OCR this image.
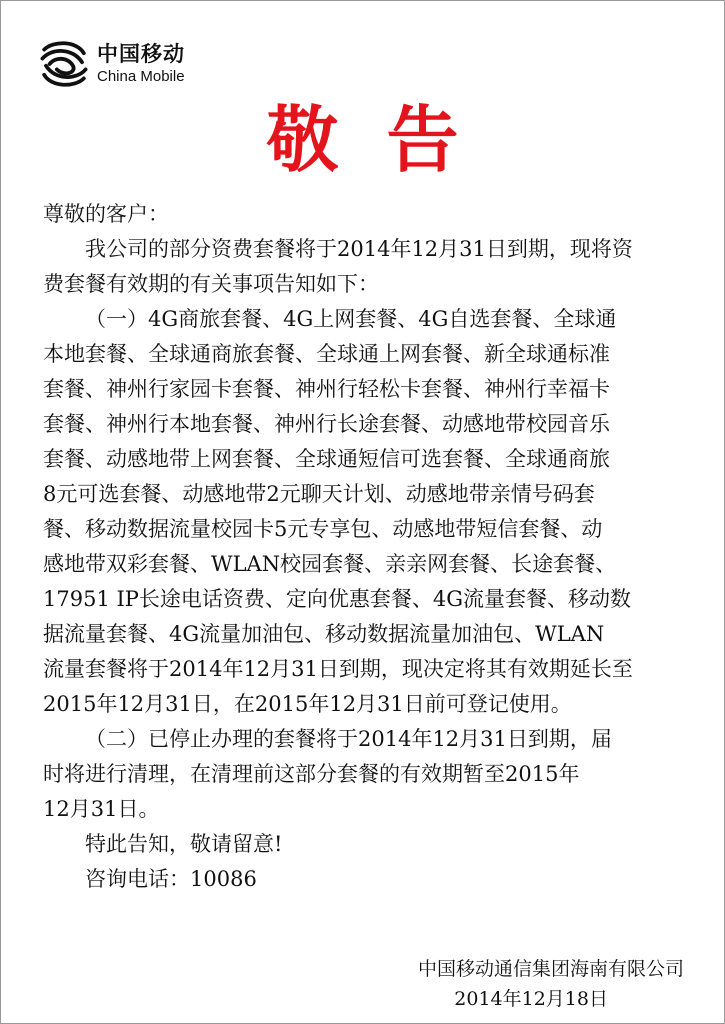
中国移动
China Mobile
敬 告
尊敬的客户：
我公司的部分资费套餐将于2014年12月31日到期，现将资
费套餐有效期的有关事项告知如下：
（一）4G商旅套餐、4G上网套餐、4G自选套餐、全球通
本地套餐、全球通商旅套餐、全球通上网套餐、新全球通标准
套餐、神州行家园卡套餐、神州行轻松卡套餐、神州行幸福卡
套餐、神州行本地套餐、神州行长途套餐、动感地带校园音乐
套餐、动感地带上网套餐、全球通短信可选套餐、全球通商旅
8元可选套餐、动感地带2元聊天计划、动感地带亲情号码套
餐、移动数据流量校园卡5元专享包、动感地带短信套餐、动
感地带双彩套餐、WLAN校园套餐、亲亲网套餐、长途套餐、
17951 IP长途电话资费、定向优惠套餐、4G流量套餐、移动数
据流量套餐、4G流量加油包、移动数据流量加油包、WLAN
流量套餐将于2014年12月31日到期，现决定将其有效期延长至
2015年12月31日，在2015年12月31日前可登记使用。
（二）已停止办理的套餐将于2014年12月31日到期，届
时将进行清理，在清理前这部分套餐的有效期暂至2015年
12月31日。
特此告知，敬请留意!
咨询电话：10086
中国移动通信集团海南有限公司
2014年12月18日
